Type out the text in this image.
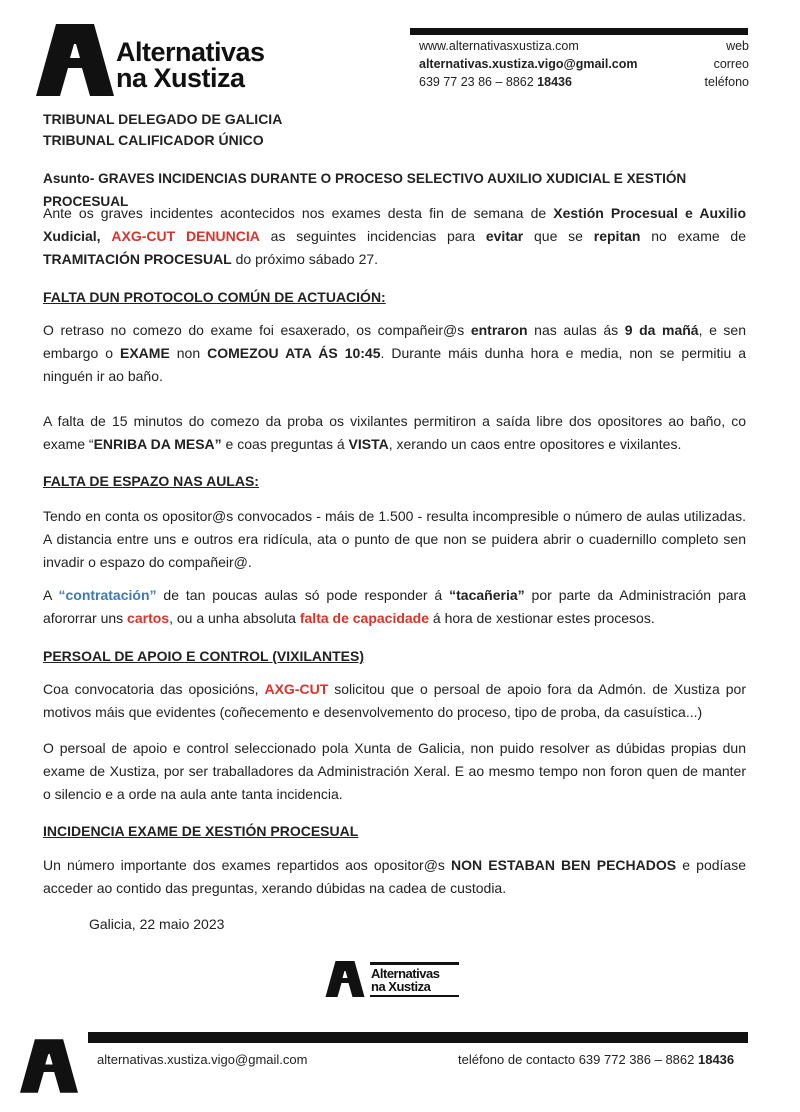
Alternativas
na Xustiza
www.alternativasxustiza.com	web
alternativas.xustiza.vigo@gmail.com	correo
639 77 23 86 – 8862 18436	teléfono
TRIBUNAL DELEGADO DE GALICIA
TRIBUNAL CALIFICADOR ÚNICO
Asunto- GRAVES INCIDENCIAS DURANTE O PROCESO SELECTIVO AUXILIO XUDICIAL E XESTIÓN PROCESUAL
Ante os graves incidentes acontecidos nos exames desta fin de semana de Xestión Procesual e Auxilio Xudicial, AXG-CUT DENUNCIA as seguintes incidencias para evitar que se repitan no exame de TRAMITACIÓN PROCESUAL do próximo sábado 27.
FALTA DUN PROTOCOLO COMÚN DE ACTUACIÓN:
O retraso no comezo do exame foi esaxerado, os compañeir@s entraron nas aulas ás 9 da mañá, e sen embargo o EXAME non COMEZOU ATA ÁS 10:45. Durante máis dunha hora e media, non se permitiu a ninguén ir ao baño.
A falta de 15 minutos do comezo da proba os vixilantes permitiron a saída libre dos opositores ao baño, co exame “ENRIBA DA MESA” e coas preguntas á VISTA, xerando un caos entre opositores e vixilantes.
FALTA DE ESPAZO NAS AULAS:
Tendo en conta os opositor@s convocados - máis de 1.500 - resulta incompresible o número de aulas utilizadas. A distancia entre uns e outros era ridícula, ata o punto de que non se puidera abrir o cuadernillo completo sen invadir o espazo do compañeir@.
A “contratación” de tan poucas aulas só pode responder á “tacañeria” por parte da Administración para afororrar uns cartos, ou a unha absoluta falta de capacidade á hora de xestionar estes procesos.
PERSOAL DE APOIO E CONTROL (VIXILANTES)
Coa convocatoria das oposicións, AXG-CUT solicitou que o persoal de apoio fora da Admón. de Xustiza por motivos máis que evidentes (coñecemento e desenvolvemento do proceso, tipo de proba, da casuística...)
O persoal de apoio e control seleccionado pola Xunta de Galicia, non puido resolver as dúbidas propias dun exame de Xustiza, por ser traballadores da Administración Xeral. E ao mesmo tempo non foron quen de manter o silencio e a orde na aula ante tanta incidencia.
INCIDENCIA EXAME DE XESTIÓN PROCESUAL
Un número importante dos exames repartidos aos opositor@s NON ESTABAN BEN PECHADOS e podíase acceder ao contido das preguntas, xerando dúbidas na cadea de custodia.
Galicia, 22 maio 2023
Alternativas
na Xustiza
alternativas.xustiza.vigo@gmail.com	teléfono de contacto 639 772 386 – 8862 18436
